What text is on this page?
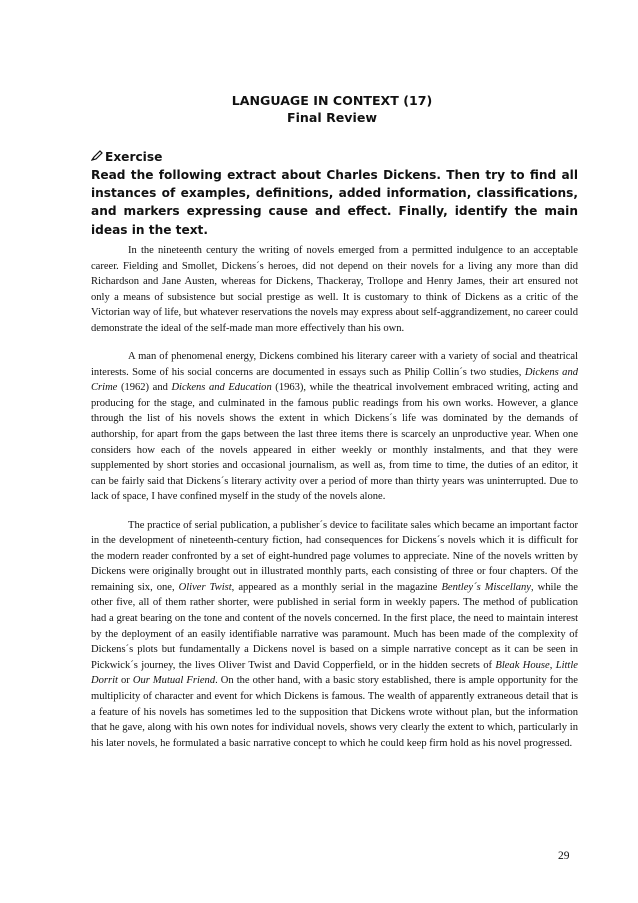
LANGUAGE IN CONTEXT (17)
Final Review
Exercise
Read the following extract about Charles Dickens. Then try to find all instances of examples, definitions, added information, classifications, and markers expressing cause and effect. Finally, identify the main ideas in the text.

In the nineteenth century the writing of novels emerged from a permitted indulgence to an acceptable career. Fielding and Smollet, Dickens´s heroes, did not depend on their novels for a living any more than did Richardson and Jane Austen, whereas for Dickens, Thackeray, Trollope and Henry James, their art ensured not only a means of subsistence but social prestige as well. It is customary to think of Dickens as a critic of the Victorian way of life, but whatever reservations the novels may express about self-aggrandizement, no career could demonstrate the ideal of the self-made man more effectively than his own.

A man of phenomenal energy, Dickens combined his literary career with a variety of social and theatrical interests. Some of his social concerns are documented in essays such as Philip Collin´s two studies, Dickens and Crime (1962) and Dickens and Education (1963), while the theatrical involvement embraced writing, acting and producing for the stage, and culminated in the famous public readings from his own works. However, a glance through the list of his novels shows the extent in which Dickens´s life was dominated by the demands of authorship, for apart from the gaps between the last three items there is scarcely an unproductive year. When one considers how each of the novels appeared in either weekly or monthly instalments, and that they were supplemented by short stories and occasional journalism, as well as, from time to time, the duties of an editor, it can be fairly said that Dickens´s literary activity over a period of more than thirty years was uninterrupted. Due to lack of space, I have confined myself in the study of the novels alone.

The practice of serial publication, a publisher´s device to facilitate sales which became an important factor in the development of nineteenth-century fiction, had consequences for Dickens´s novels which it is difficult for the modern reader confronted by a set of eight-hundred page volumes to appreciate. Nine of the novels written by Dickens were originally brought out in illustrated monthly parts, each consisting of three or four chapters. Of the remaining six, one, Oliver Twist, appeared as a monthly serial in the magazine Bentley´s Miscellany, while the other five, all of them rather shorter, were published in serial form in weekly papers. The method of publication had a great bearing on the tone and content of the novels concerned. In the first place, the need to maintain interest by the deployment of an easily identifiable narrative was paramount. Much has been made of the complexity of Dickens´s plots but fundamentally a Dickens novel is based on a simple narrative concept as it can be seen in Pickwick´s journey, the lives Oliver Twist and David Copperfield, or in the hidden secrets of Bleak House, Little Dorrit or Our Mutual Friend. On the other hand, with a basic story established, there is ample opportunity for the multiplicity of character and event for which Dickens is famous. The wealth of apparently extraneous detail that is a feature of his novels has sometimes led to the supposition that Dickens wrote without plan, but the information that he gave, along with his own notes for individual novels, shows very clearly the extent to which, particularly in his later novels, he formulated a basic narrative concept to which he could keep firm hold as his novel progressed.

29
